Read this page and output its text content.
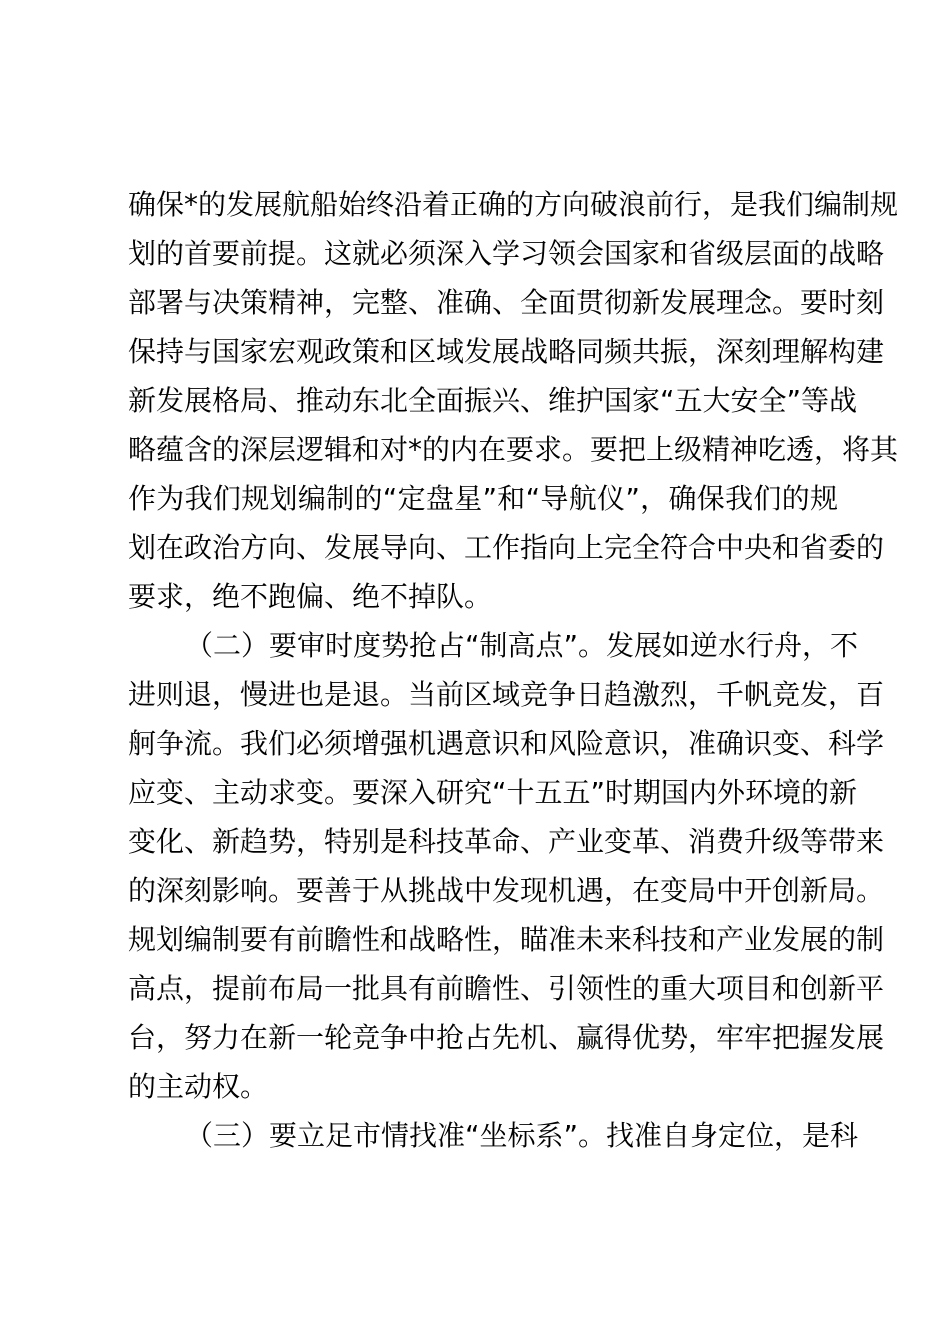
确保*的发展航船始终沿着正确的方向破浪前行，是我们编制规
划的首要前提。这就必须深入学习领会国家和省级层面的战略
部署与决策精神，完整、准确、全面贯彻新发展理念。要时刻
保持与国家宏观政策和区域发展战略同频共振，深刻理解构建
新发展格局、推动东北全面振兴、维护国家“五大安全”等战
略蕴含的深层逻辑和对*的内在要求。要把上级精神吃透，将其
作为我们规划编制的“定盘星”和“导航仪”，确保我们的规
划在政治方向、发展导向、工作指向上完全符合中央和省委的
要求，绝不跑偏、绝不掉队。
（二）要审时度势抢占“制高点”。发展如逆水行舟，不
进则退，慢进也是退。当前区域竞争日趋激烈，千帆竞发，百
舸争流。我们必须增强机遇意识和风险意识，准确识变、科学
应变、主动求变。要深入研究“十五五”时期国内外环境的新
变化、新趋势，特别是科技革命、产业变革、消费升级等带来
的深刻影响。要善于从挑战中发现机遇，在变局中开创新局。
规划编制要有前瞻性和战略性，瞄准未来科技和产业发展的制
高点，提前布局一批具有前瞻性、引领性的重大项目和创新平
台，努力在新一轮竞争中抢占先机、赢得优势，牢牢把握发展
的主动权。
（三）要立足市情找准“坐标系”。找准自身定位，是科
